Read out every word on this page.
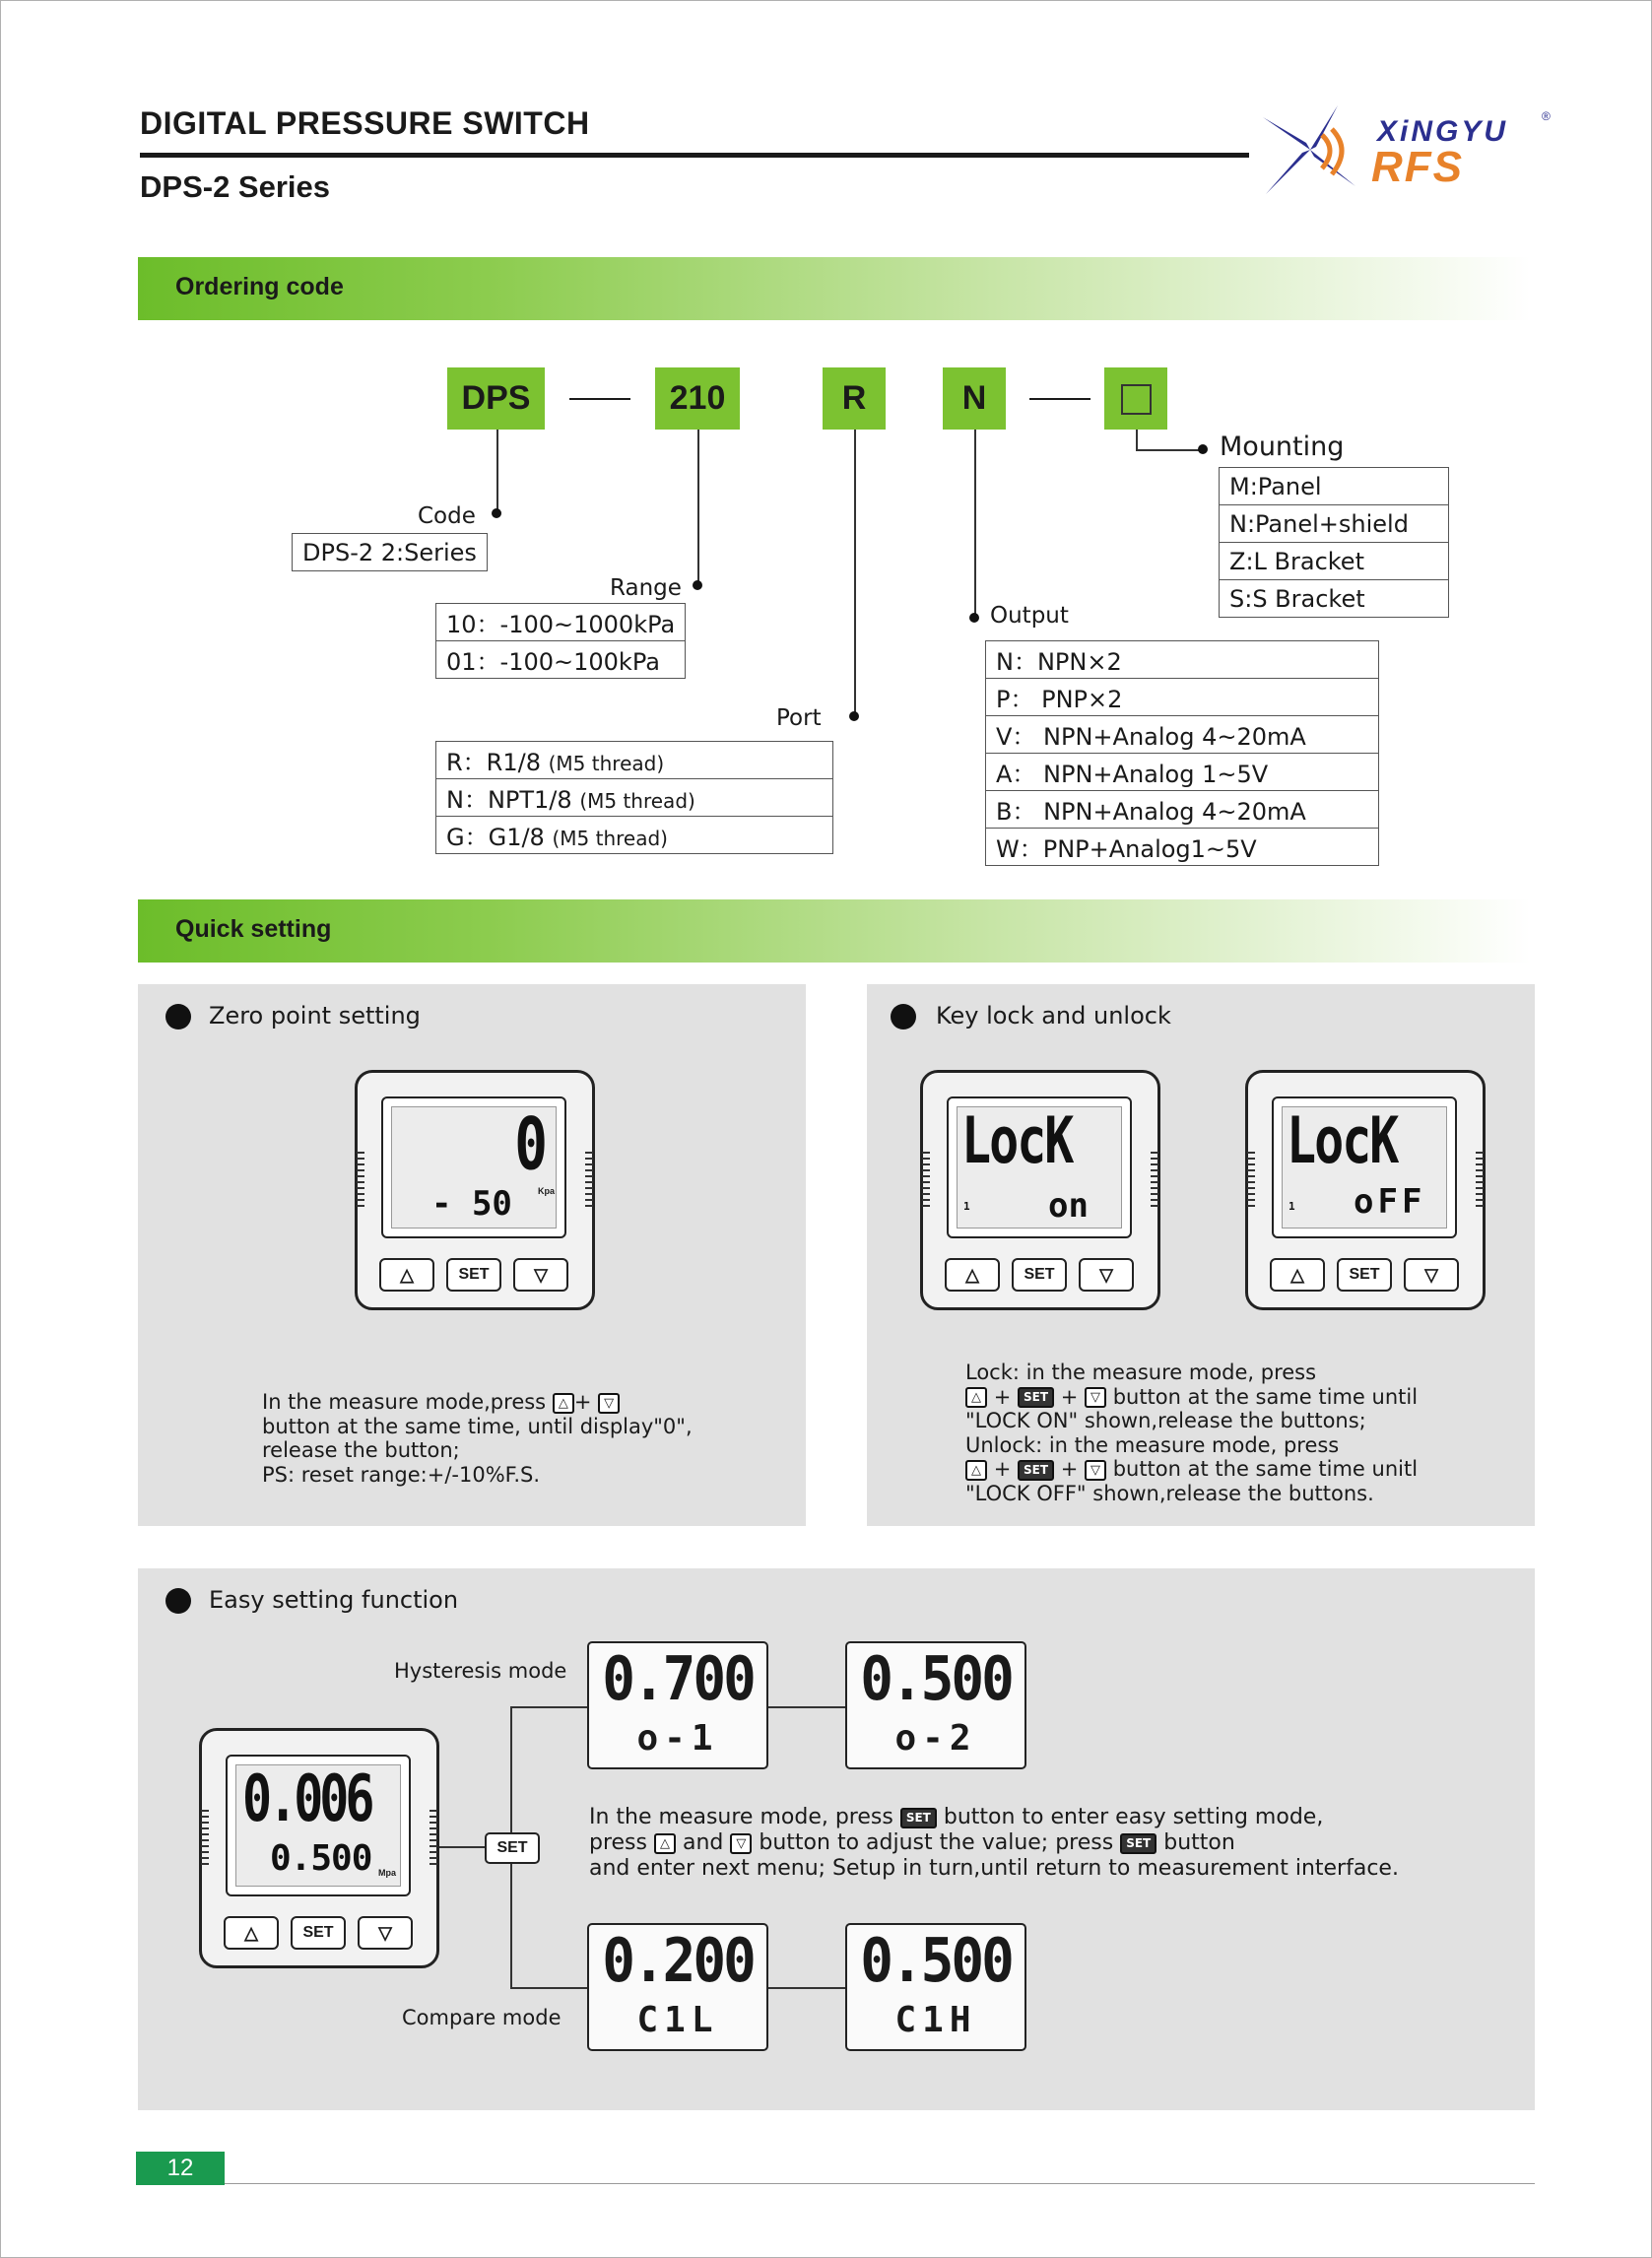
DIGITAL PRESSURE SWITCH
DPS-2 Series
XiNGYU	®
RFS
Ordering code
DPS	210	R	N
Code
DPS-2 2:Series
Range
10：-100~1000kPa
01：-100~100kPa
Port
R：R1/8 (M5 thread)
N：NPT1/8 (M5 thread)
G：G1/8 (M5 thread)
Output
N：NPN×2
P： PNP×2
V： NPN+Analog 4~20mA
A： NPN+Analog 1~5V
B： NPN+Analog 4~20mA
W：PNP+Analog1~5V
Mounting
M:Panel
N:Panel+shield
Z:L Bracket
S:S Bracket
Quick setting
Zero point setting
0
- 50	Kpa
△	SET	▽
In the measure mode,press △ + ▽
button at the same time, until display"0",
release the button;
PS: reset range:+/-10%F.S.
Key lock and unlock
LocK
1 on
△	SET	▽
LocK
1 oFF
△	SET	▽
Lock: in the measure mode, press
△ + SET + ▽ button at the same time until
"LOCK ON" shown,release the buttons;
Unlock: in the measure mode, press
△ + SET + ▽ button at the same time unitl
"LOCK OFF" shown,release the buttons.
Easy setting function
0.006
0.500 Mpa
△	SET	▽
SET
Hysteresis mode
Compare mode
0.700
o-1
0.500
o-2
0.200
C1L
0.500
C1H
In the measure mode, press SET button to enter easy setting mode,
press △ and ▽ button to adjust the value; press SET button
and enter next menu; Setup in turn,until return to measurement interface.
12
